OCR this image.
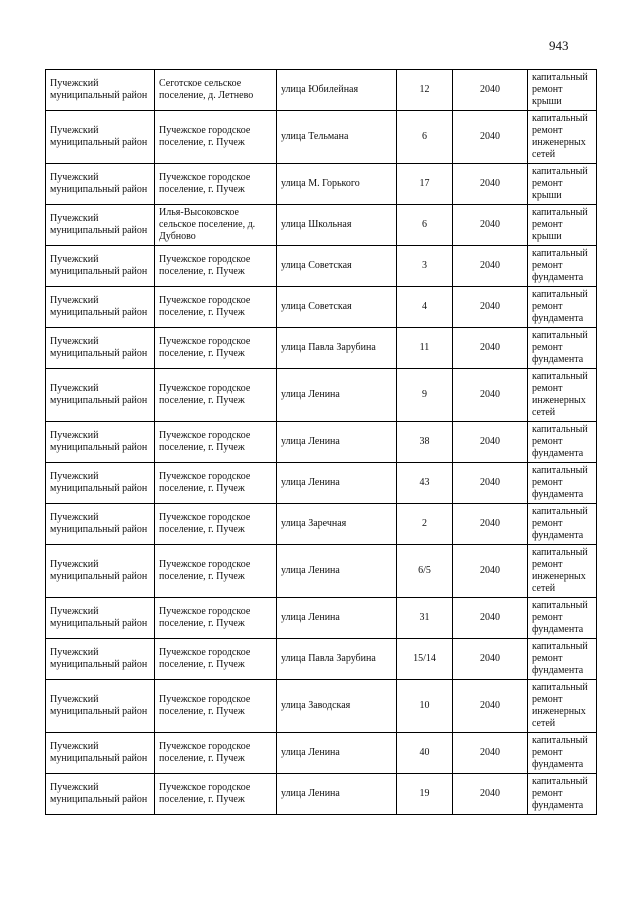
943
Пучежский муниципальный район	Сеготское сельское поселение, д. Летнево	улица Юбилейная	12	2040	капитальный ремонт крыши
Пучежский муниципальный район	Пучежское городское поселение, г. Пучеж	улица Тельмана	6	2040	капитальный ремонт инженерных сетей
Пучежский муниципальный район	Пучежское городское поселение, г. Пучеж	улица М. Горького	17	2040	капитальный ремонт крыши
Пучежский муниципальный район	Илья-Высоковское сельское поселение, д. Дубново	улица Школьная	6	2040	капитальный ремонт крыши
Пучежский муниципальный район	Пучежское городское поселение, г. Пучеж	улица Советская	3	2040	капитальный ремонт фундамента
Пучежский муниципальный район	Пучежское городское поселение, г. Пучеж	улица Советская	4	2040	капитальный ремонт фундамента
Пучежский муниципальный район	Пучежское городское поселение, г. Пучеж	улица Павла Зарубина	11	2040	капитальный ремонт фундамента
Пучежский муниципальный район	Пучежское городское поселение, г. Пучеж	улица Ленина	9	2040	капитальный ремонт инженерных сетей
Пучежский муниципальный район	Пучежское городское поселение, г. Пучеж	улица Ленина	38	2040	капитальный ремонт фундамента
Пучежский муниципальный район	Пучежское городское поселение, г. Пучеж	улица Ленина	43	2040	капитальный ремонт фундамента
Пучежский муниципальный район	Пучежское городское поселение, г. Пучеж	улица Заречная	2	2040	капитальный ремонт фундамента
Пучежский муниципальный район	Пучежское городское поселение, г. Пучеж	улица Ленина	6/5	2040	капитальный ремонт инженерных сетей
Пучежский муниципальный район	Пучежское городское поселение, г. Пучеж	улица Ленина	31	2040	капитальный ремонт фундамента
Пучежский муниципальный район	Пучежское городское поселение, г. Пучеж	улица Павла Зарубина	15/14	2040	капитальный ремонт фундамента
Пучежский муниципальный район	Пучежское городское поселение, г. Пучеж	улица Заводская	10	2040	капитальный ремонт инженерных сетей
Пучежский муниципальный район	Пучежское городское поселение, г. Пучеж	улица Ленина	40	2040	капитальный ремонт фундамента
Пучежский муниципальный район	Пучежское городское поселение, г. Пучеж	улица Ленина	19	2040	капитальный ремонт фундамента
